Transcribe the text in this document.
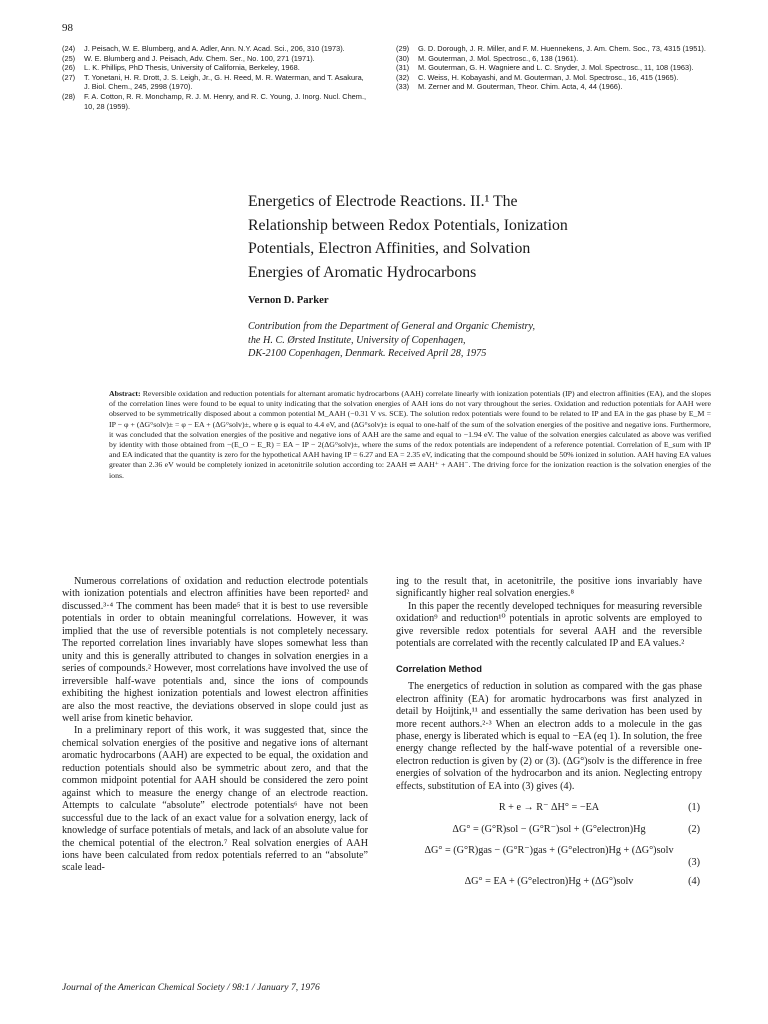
98
(24) J. Peisach, W. E. Blumberg, and A. Adler, Ann. N.Y. Acad. Sci., 206, 310 (1973).
(25) W. E. Blumberg and J. Peisach, Adv. Chem. Ser., No. 100, 271 (1971).
(26) L. K. Phillips, PhD Thesis, University of California, Berkeley, 1968.
(27) T. Yonetani, H. R. Drott, J. S. Leigh, Jr., G. H. Reed, M. R. Waterman, and T. Asakura, J. Biol. Chem., 245, 2998 (1970).
(28) F. A. Cotton, R. R. Monchamp, R. J. M. Henry, and R. C. Young, J. Inorg. Nucl. Chem., 10, 28 (1959).
(29) G. D. Dorough, J. R. Miller, and F. M. Huennekens, J. Am. Chem. Soc., 73, 4315 (1951).
(30) M. Gouterman, J. Mol. Spectrosc., 6, 138 (1961).
(31) M. Gouterman, G. H. Wagniere and L. C. Snyder, J. Mol. Spectrosc., 11, 108 (1963).
(32) C. Weiss, H. Kobayashi, and M. Gouterman, J. Mol. Spectrosc., 16, 415 (1965).
(33) M. Zerner and M. Gouterman, Theor. Chim. Acta, 4, 44 (1966).
Energetics of Electrode Reactions. II.¹ The
Relationship between Redox Potentials, Ionization
Potentials, Electron Affinities, and Solvation
Energies of Aromatic Hydrocarbons
Vernon D. Parker
Contribution from the Department of General and Organic Chemistry,
the H. C. Ørsted Institute, University of Copenhagen,
DK-2100 Copenhagen, Denmark. Received April 28, 1975
Abstract: Reversible oxidation and reduction potentials for alternant aromatic hydrocarbons (AAH) correlate linearly with ionization potentials (IP) and electron affinities (EA), and the slopes of the correlation lines were found to be equal to unity indicating that the solvation energies of AAH ions do not vary throughout the series. Oxidation and reduction potentials for AAH were observed to be symmetrically disposed about a common potential M_AAH (−0.31 V vs. SCE). The solution redox potentials were found to be related to IP and EA in the gas phase by E_M = IP − φ + (ΔG°solv)± = φ − EA + (ΔG°solv)±, where φ is equal to 4.4 eV, and (ΔG°solv)± is equal to one-half of the sum of the solvation energies of the positive and negative ions. Furthermore, it was concluded that the solvation energies of the positive and negative ions of AAH are the same and equal to −1.94 eV. The value of the solvation energies calculated as above was verified by identity with those obtained from −(E_O − E_R) = EA − IP − 2(ΔG°solv)±, where the sums of the redox potentials are independent of a reference potential. Correlation of E_sum with IP and EA indicated that the quantity is zero for the hypothetical AAH having IP = 6.27 and EA = 2.35 eV, indicating that the compound should be 50% ionized in solution. AAH having EA values greater than 2.36 eV would be completely ionized in acetonitrile solution according to: 2AAH ⇌ AAH⁺ + AAH⁻. The driving force for the ionization reaction is the solvation energies of the ions.

Numerous correlations of oxidation and reduction electrode potentials with ionization potentials and electron affinities have been reported² and discussed.³·⁴ The comment has been made⁵ that it is best to use reversible potentials in order to obtain meaningful correlations. However, it was implied that the use of reversible potentials is not completely necessary. The reported correlation lines invariably have slopes somewhat less than unity and this is generally attributed to changes in solvation energies in a series of compounds.² However, most correlations have involved the use of irreversible half-wave potentials and, since the ions of compounds exhibiting the highest ionization potentials and lowest electron affinities are also the most reactive, the deviations observed in slope could just as well arise from kinetic behavior.

In a preliminary report of this work, it was suggested that, since the chemical solvation energies of the positive and negative ions of alternant aromatic hydrocarbons (AAH) are expected to be equal, the oxidation and reduction potentials should also be symmetric about zero, and that the common midpoint potential for AAH should be considered the zero point against which to measure the energy change of an electrode reaction. Attempts to calculate “absolute” electrode potentials⁶ have not been successful due to the lack of an exact value for a solvation energy, lack of knowledge of surface potentials of metals, and lack of an absolute value for the chemical potential of the electron.⁷ Real solvation energies of AAH ions have been calculated from redox potentials referred to an “absolute” scale lead-

ing to the result that, in acetonitrile, the positive ions invariably have significantly higher real solvation energies.⁸

In this paper the recently developed techniques for measuring reversible oxidation⁹ and reduction¹⁰ potentials in aprotic solvents are employed to give reversible redox potentials for several AAH and the reversible potentials are correlated with the recently calculated IP and EA values.²

Correlation Method

The energetics of reduction in solution as compared with the gas phase electron affinity (EA) for aromatic hydrocarbons was first analyzed in detail by Hoijtink,¹¹ and essentially the same derivation has been used by more recent authors.²·³ When an electron adds to a molecule in the gas phase, energy is liberated which is equal to −EA (eq 1). In solution, the free energy change reflected by the half-wave potential of a reversible one-electron reduction is given by (2) or (3). (ΔG°)solv is the difference in free energies of solvation of the hydrocarbon and its anion. Neglecting entropy effects, substitution of EA into (3) gives (4).

R + e → R⁻ ΔH° = −EA	(1)
ΔG° = (G°R)sol − (G°R⁻)sol + (G°electron)Hg	(2)
ΔG° = (G°R)gas − (G°R⁻)gas + (G°electron)Hg + (ΔG°)solv
(3)
ΔG° = EA + (G°electron)Hg + (ΔG°)solv	(4)
Journal of the American Chemical Society / 98:1 / January 7, 1976
